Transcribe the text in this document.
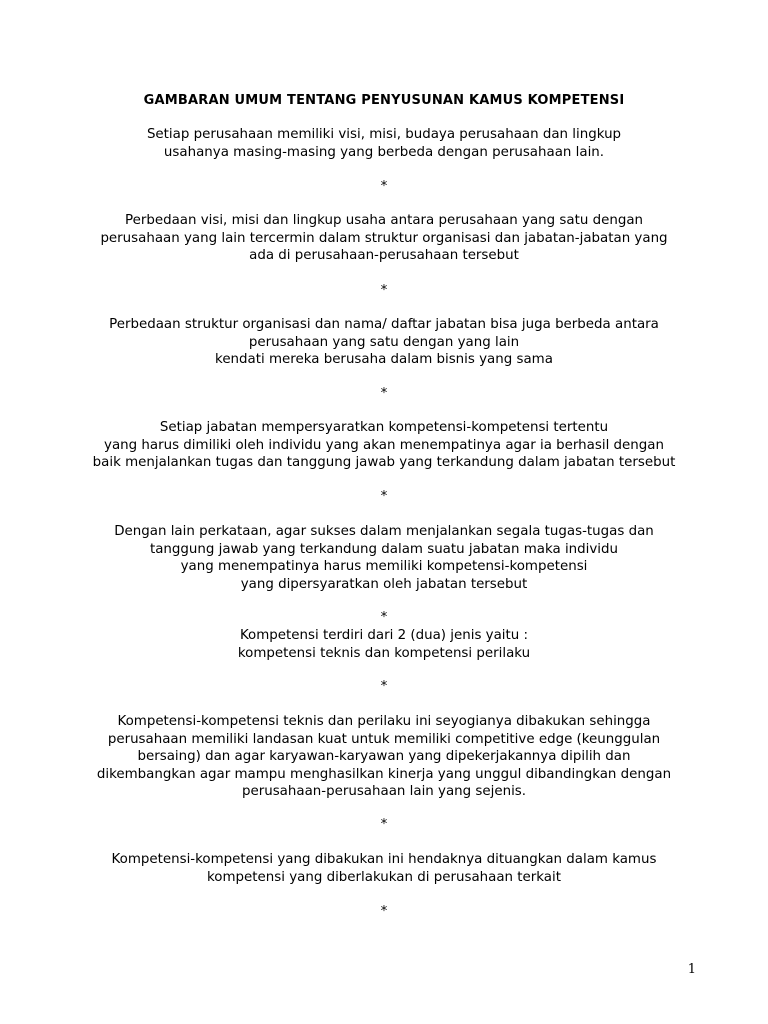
GAMBARAN UMUM TENTANG PENYUSUNAN KAMUS KOMPETENSI
Setiap perusahaan memiliki visi, misi, budaya perusahaan dan lingkup
usahanya masing-masing yang berbeda dengan perusahaan lain.
*
Perbedaan visi, misi dan lingkup usaha antara perusahaan yang satu dengan
perusahaan yang lain tercermin dalam struktur organisasi dan jabatan-jabatan yang
ada di perusahaan-perusahaan tersebut
*
Perbedaan struktur organisasi dan nama/ daftar jabatan bisa juga berbeda antara
perusahaan yang satu dengan yang lain
kendati mereka berusaha dalam bisnis yang sama
*
Setiap jabatan mempersyaratkan kompetensi-kompetensi tertentu
yang harus dimiliki oleh individu yang akan menempatinya agar ia berhasil dengan
baik menjalankan tugas dan tanggung jawab yang terkandung dalam jabatan tersebut
*
Dengan lain perkataan, agar sukses dalam menjalankan segala tugas-tugas dan
tanggung jawab yang terkandung dalam suatu jabatan maka individu
yang menempatinya harus memiliki kompetensi-kompetensi
yang dipersyaratkan oleh jabatan tersebut
*
Kompetensi terdiri dari 2 (dua) jenis yaitu :
kompetensi teknis dan kompetensi perilaku
*
Kompetensi-kompetensi teknis dan perilaku ini seyogianya dibakukan sehingga
perusahaan memiliki landasan kuat untuk memiliki competitive edge (keunggulan
bersaing) dan agar karyawan-karyawan yang dipekerjakannya dipilih dan
dikembangkan agar mampu menghasilkan kinerja yang unggul dibandingkan dengan
perusahaan-perusahaan lain yang sejenis.
*
Kompetensi-kompetensi yang dibakukan ini hendaknya dituangkan dalam kamus
kompetensi yang diberlakukan di perusahaan terkait
*
1
